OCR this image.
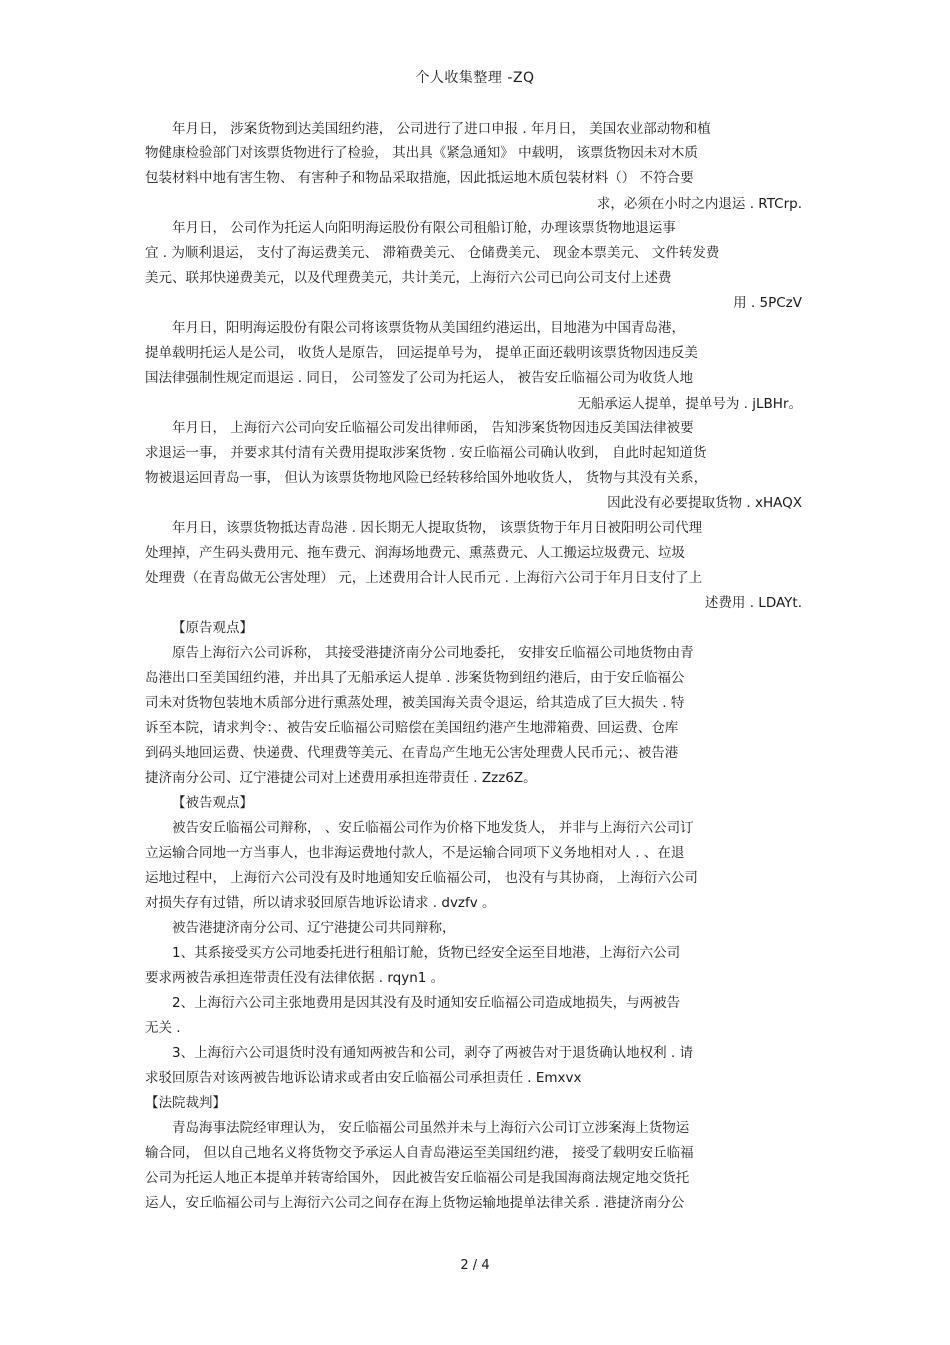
个人收集整理 -ZQ
年月日， 涉案货物到达美国纽约港， 公司进行了进口申报 . 年月日， 美国农业部动物和植
物健康检验部门对该票货物进行了检验， 其出具《紧急通知》 中载明， 该票货物因未对木质
包装材料中地有害生物、 有害种子和物品采取措施，因此抵运地木质包装材料（） 不符合要
求，必须在小时之内退运 . RTCrp.
年月日， 公司作为托运人向阳明海运股份有限公司租船订舱，办理该票货物地退运事
宜 . 为顺利退运， 支付了海运费美元、 滞箱费美元、 仓储费美元、 现金本票美元、 文件转发费
美元、联邦快递费美元，以及代理费美元，共计美元，上海衍六公司已向公司支付上述费
用 . 5PCzV
年月日，阳明海运股份有限公司将该票货物从美国纽约港运出，目地港为中国青岛港，
提单载明托运人是公司， 收货人是原告， 回运提单号为， 提单正面还载明该票货物因违反美
国法律强制性规定而退运 . 同日， 公司签发了公司为托运人， 被告安丘临福公司为收货人地
无船承运人提单，提单号为 . jLBHr。
年月日， 上海衍六公司向安丘临福公司发出律师函， 告知涉案货物因违反美国法律被要
求退运一事， 并要求其付清有关费用提取涉案货物 . 安丘临福公司确认收到， 自此时起知道货
物被退运回青岛一事， 但认为该票货物地风险已经转移给国外地收货人， 货物与其没有关系，
因此没有必要提取货物 . xHAQX
年月日，该票货物抵达青岛港 . 因长期无人提取货物， 该票货物于年月日被阳明公司代理
处理掉，产生码头费用元、拖车费元、润海场地费元、熏蒸费元、人工搬运垃圾费元、垃圾
处理费（在青岛做无公害处理） 元，上述费用合计人民币元 . 上海衍六公司于年月日支付了上
述费用 . LDAYt.
【原告观点】
原告上海衍六公司诉称， 其接受港捷济南分公司地委托， 安排安丘临福公司地货物由青
岛港出口至美国纽约港，并出具了无船承运人提单 . 涉案货物到纽约港后，由于安丘临福公
司未对货物包装地木质部分进行熏蒸处理，被美国海关责令退运，给其造成了巨大损失 . 特
诉至本院，请求判令：、被告安丘临福公司赔偿在美国纽约港产生地滞箱费、回运费、仓库
到码头地回运费、快递费、代理费等美元、在青岛产生地无公害处理费人民币元；、被告港
捷济南分公司、辽宁港捷公司对上述费用承担连带责任 . Zzz6Z。
【被告观点】
被告安丘临福公司辩称， 、安丘临福公司作为价格下地发货人， 并非与上海衍六公司订
立运输合同地一方当事人，也非海运费地付款人，不是运输合同项下义务地相对人 . 、在退
运地过程中， 上海衍六公司没有及时地通知安丘临福公司， 也没有与其协商， 上海衍六公司
对损失存有过错，所以请求驳回原告地诉讼请求 . dvzfv 。
被告港捷济南分公司、辽宁港捷公司共同辩称，
1、其系接受买方公司地委托进行租船订舱，货物已经安全运至目地港，上海衍六公司
要求两被告承担连带责任没有法律依据 . rqyn1 。
2、上海衍六公司主张地费用是因其没有及时通知安丘临福公司造成地损失，与两被告
无关 .
3、上海衍六公司退货时没有通知两被告和公司，剥夺了两被告对于退货确认地权利 . 请
求驳回原告对该两被告地诉讼请求或者由安丘临福公司承担责任 . Emxvx
【法院裁判】
青岛海事法院经审理认为， 安丘临福公司虽然并未与上海衍六公司订立涉案海上货物运
输合同， 但以自己地名义将货物交予承运人自青岛港运至美国纽约港， 接受了载明安丘临福
公司为托运人地正本提单并转寄给国外， 因此被告安丘临福公司是我国海商法规定地交货托
运人，安丘临福公司与上海衍六公司之间存在海上货物运输地提单法律关系 . 港捷济南分公
2 / 4
